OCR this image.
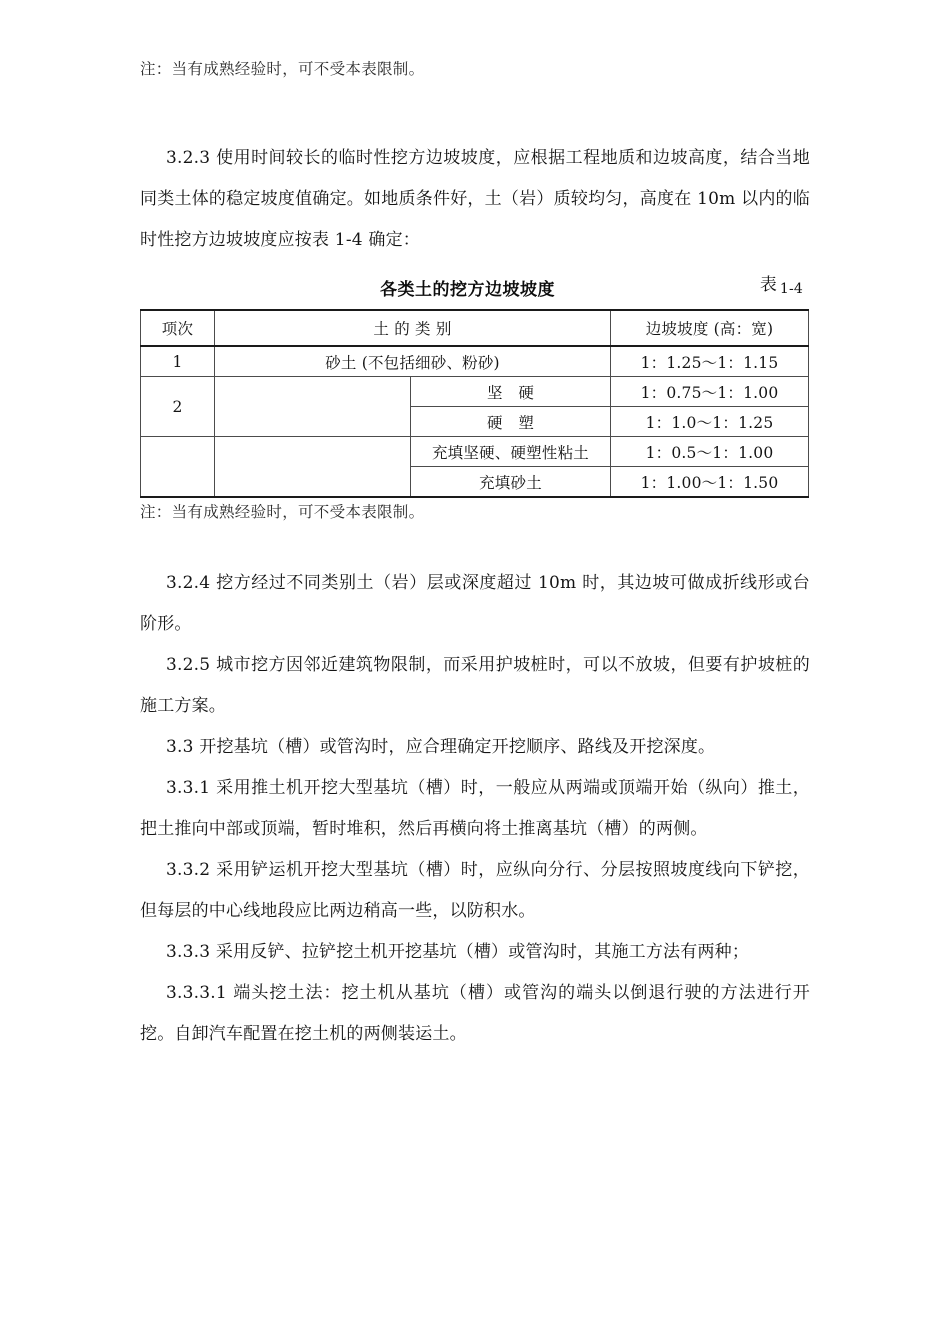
注：当有成熟经验时，可不受本表限制。
3.2.3 使用时间较长的临时性挖方边坡坡度，应根据工程地质和边坡高度，结合当地同类土体的稳定坡度值确定。如地质条件好，土（岩）质较均匀，高度在 10m 以内的临时性挖方边坡坡度应按表 1-4 确定：
各类土的挖方边坡坡度	表 $_{1-4}$
项次	土 的 类 别		边坡坡度 (高：宽)
1	砂土 (不包括细砂、粉砂)		1：1.25～1：1.15
2		坚　硬	1：0.75～1：1.00
		硬　塑	1：1.0～1：1.25
		充填坚硬、硬塑性粘土	1：0.5～1：1.00
		充填砂土	1：1.00～1：1.50
注：当有成熟经验时，可不受本表限制。
3.2.4 挖方经过不同类别土（岩）层或深度超过 10m 时，其边坡可做成折线形或台阶形。
3.2.5 城市挖方因邻近建筑物限制，而采用护坡桩时，可以不放坡，但要有护坡桩的施工方案。
3.3 开挖基坑（槽）或管沟时，应合理确定开挖顺序、路线及开挖深度。
3.3.1 采用推土机开挖大型基坑（槽）时，一般应从两端或顶端开始（纵向）推土，把土推向中部或顶端，暂时堆积，然后再横向将土推离基坑（槽）的两侧。
3.3.2 采用铲运机开挖大型基坑（槽）时，应纵向分行、分层按照坡度线向下铲挖，但每层的中心线地段应比两边稍高一些，以防积水。
3.3.3 采用反铲、拉铲挖土机开挖基坑（槽）或管沟时，其施工方法有两种；
3.3.3.1 端头挖土法：挖土机从基坑（槽）或管沟的端头以倒退行驶的方法进行开挖。自卸汽车配置在挖土机的两侧装运土。
